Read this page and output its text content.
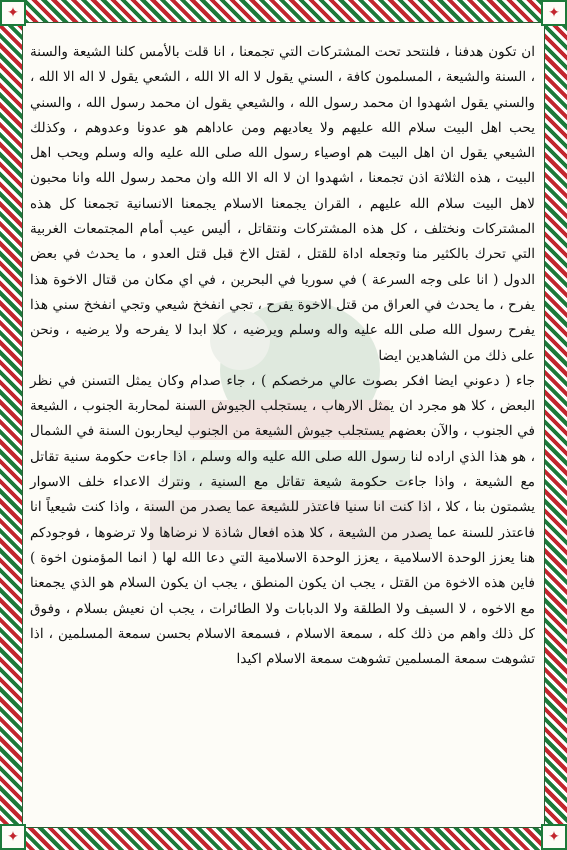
✦	✦
✦	✦

ان تكون هدفنا ، فلنتحد تحت المشتركات التي تجمعنا ، انا قلت بالأمس كلنا الشيعة والسنة ، السنة والشيعة ، المسلمون كافة ، السني يقول لا اله الا الله ، الشعي يقول لا اله الا الله ، والسني يقول اشهدوا ان محمد رسول الله ، والشيعي يقول ان محمد رسول الله ، والسني يحب اهل البيت سلام الله عليهم ولا يعاديهم ومن عاداهم هو عدونا وعدوهم ، وكذلك الشيعي يقول ان اهل البيت هم اوصياء رسول الله صلى الله عليه واله وسلم ويحب اهل البيت ، هذه الثلاثة اذن تجمعنا ، اشهدوا ان لا اله الا الله وان محمد رسول الله وانا محبون لاهل البيت سلام الله عليهم ، القران يجمعنا الاسلام يجمعنا الانسانية تجمعنا كل هذه المشتركات ونختلف ، كل هذه المشتركات ونتقاتل ، أليس عيب أمام المجتمعات الغربية التي تحرك بالكثير منا وتجعله اداة للقتل ، لقتل الاخ قبل قتل العدو ، ما يحدث في بعض الدول ( انا على وجه السرعة ) في سوريا في البحرين ، في اي مكان من قتال الاخوة هذا يفرح ، ما يحدث في العراق من قتل الاخوة يفرح ، تجي انفخخ شيعي وتجي انفخخ سني هذا يفرح رسول الله صلى الله عليه واله وسلم ويرضيه ، كلا ابدا لا يفرحه ولا يرضيه ، ونحن على ذلك من الشاهدين ايضا

جاء ( دعوني ايضا افكر بصوت عالي مرخصكم ) ، جاء صدام وكان يمثل التسنن في نظر البعض ، كلا هو مجرد ان يمثل الارهاب ، يستجلب الجيوش السنة لمحاربة الجنوب ، الشيعة في الجنوب ، والآن بعضهم يستجلب جيوش الشيعة من الجنوب ليحاربون السنة في الشمال ، هو هذا الذي اراده لنا رسول الله صلى الله عليه واله وسلم ، اذا جاءت حكومة سنية تقاتل مع الشيعة ، واذا جاءت حكومة شيعة تقاتل مع السنية ، ونترك الاعداء خلف الاسوار يشمتون بنا ، كلا ، اذا كنت انا سنيا فاعتذر للشيعة عما يصدر من السنة ، واذا كنت شيعياً انا فاعتذر للسنة عما يصدر من الشيعة ، كلا هذه افعال شاذة لا نرضاها ولا ترضوها ، فوجودكم هنا يعزز الوحدة الاسلامية ، يعزز الوحدة الاسلامية التي دعا الله لها ( انما المؤمنون اخوة ) فاين هذه الاخوة من القتل ، يجب ان يكون المنطق ، يجب ان يكون السلام هو الذي يجمعنا مع الاخوه ، لا السيف ولا الطلقة ولا الدبابات ولا الطائرات ، يجب ان نعيش بسلام ، وفوق كل ذلك واهم من ذلك كله ، سمعة الاسلام ، فسمعة الاسلام بحسن سمعة المسلمين ، اذا تشوهت سمعة المسلمين تشوهت سمعة الاسلام اكيدا
